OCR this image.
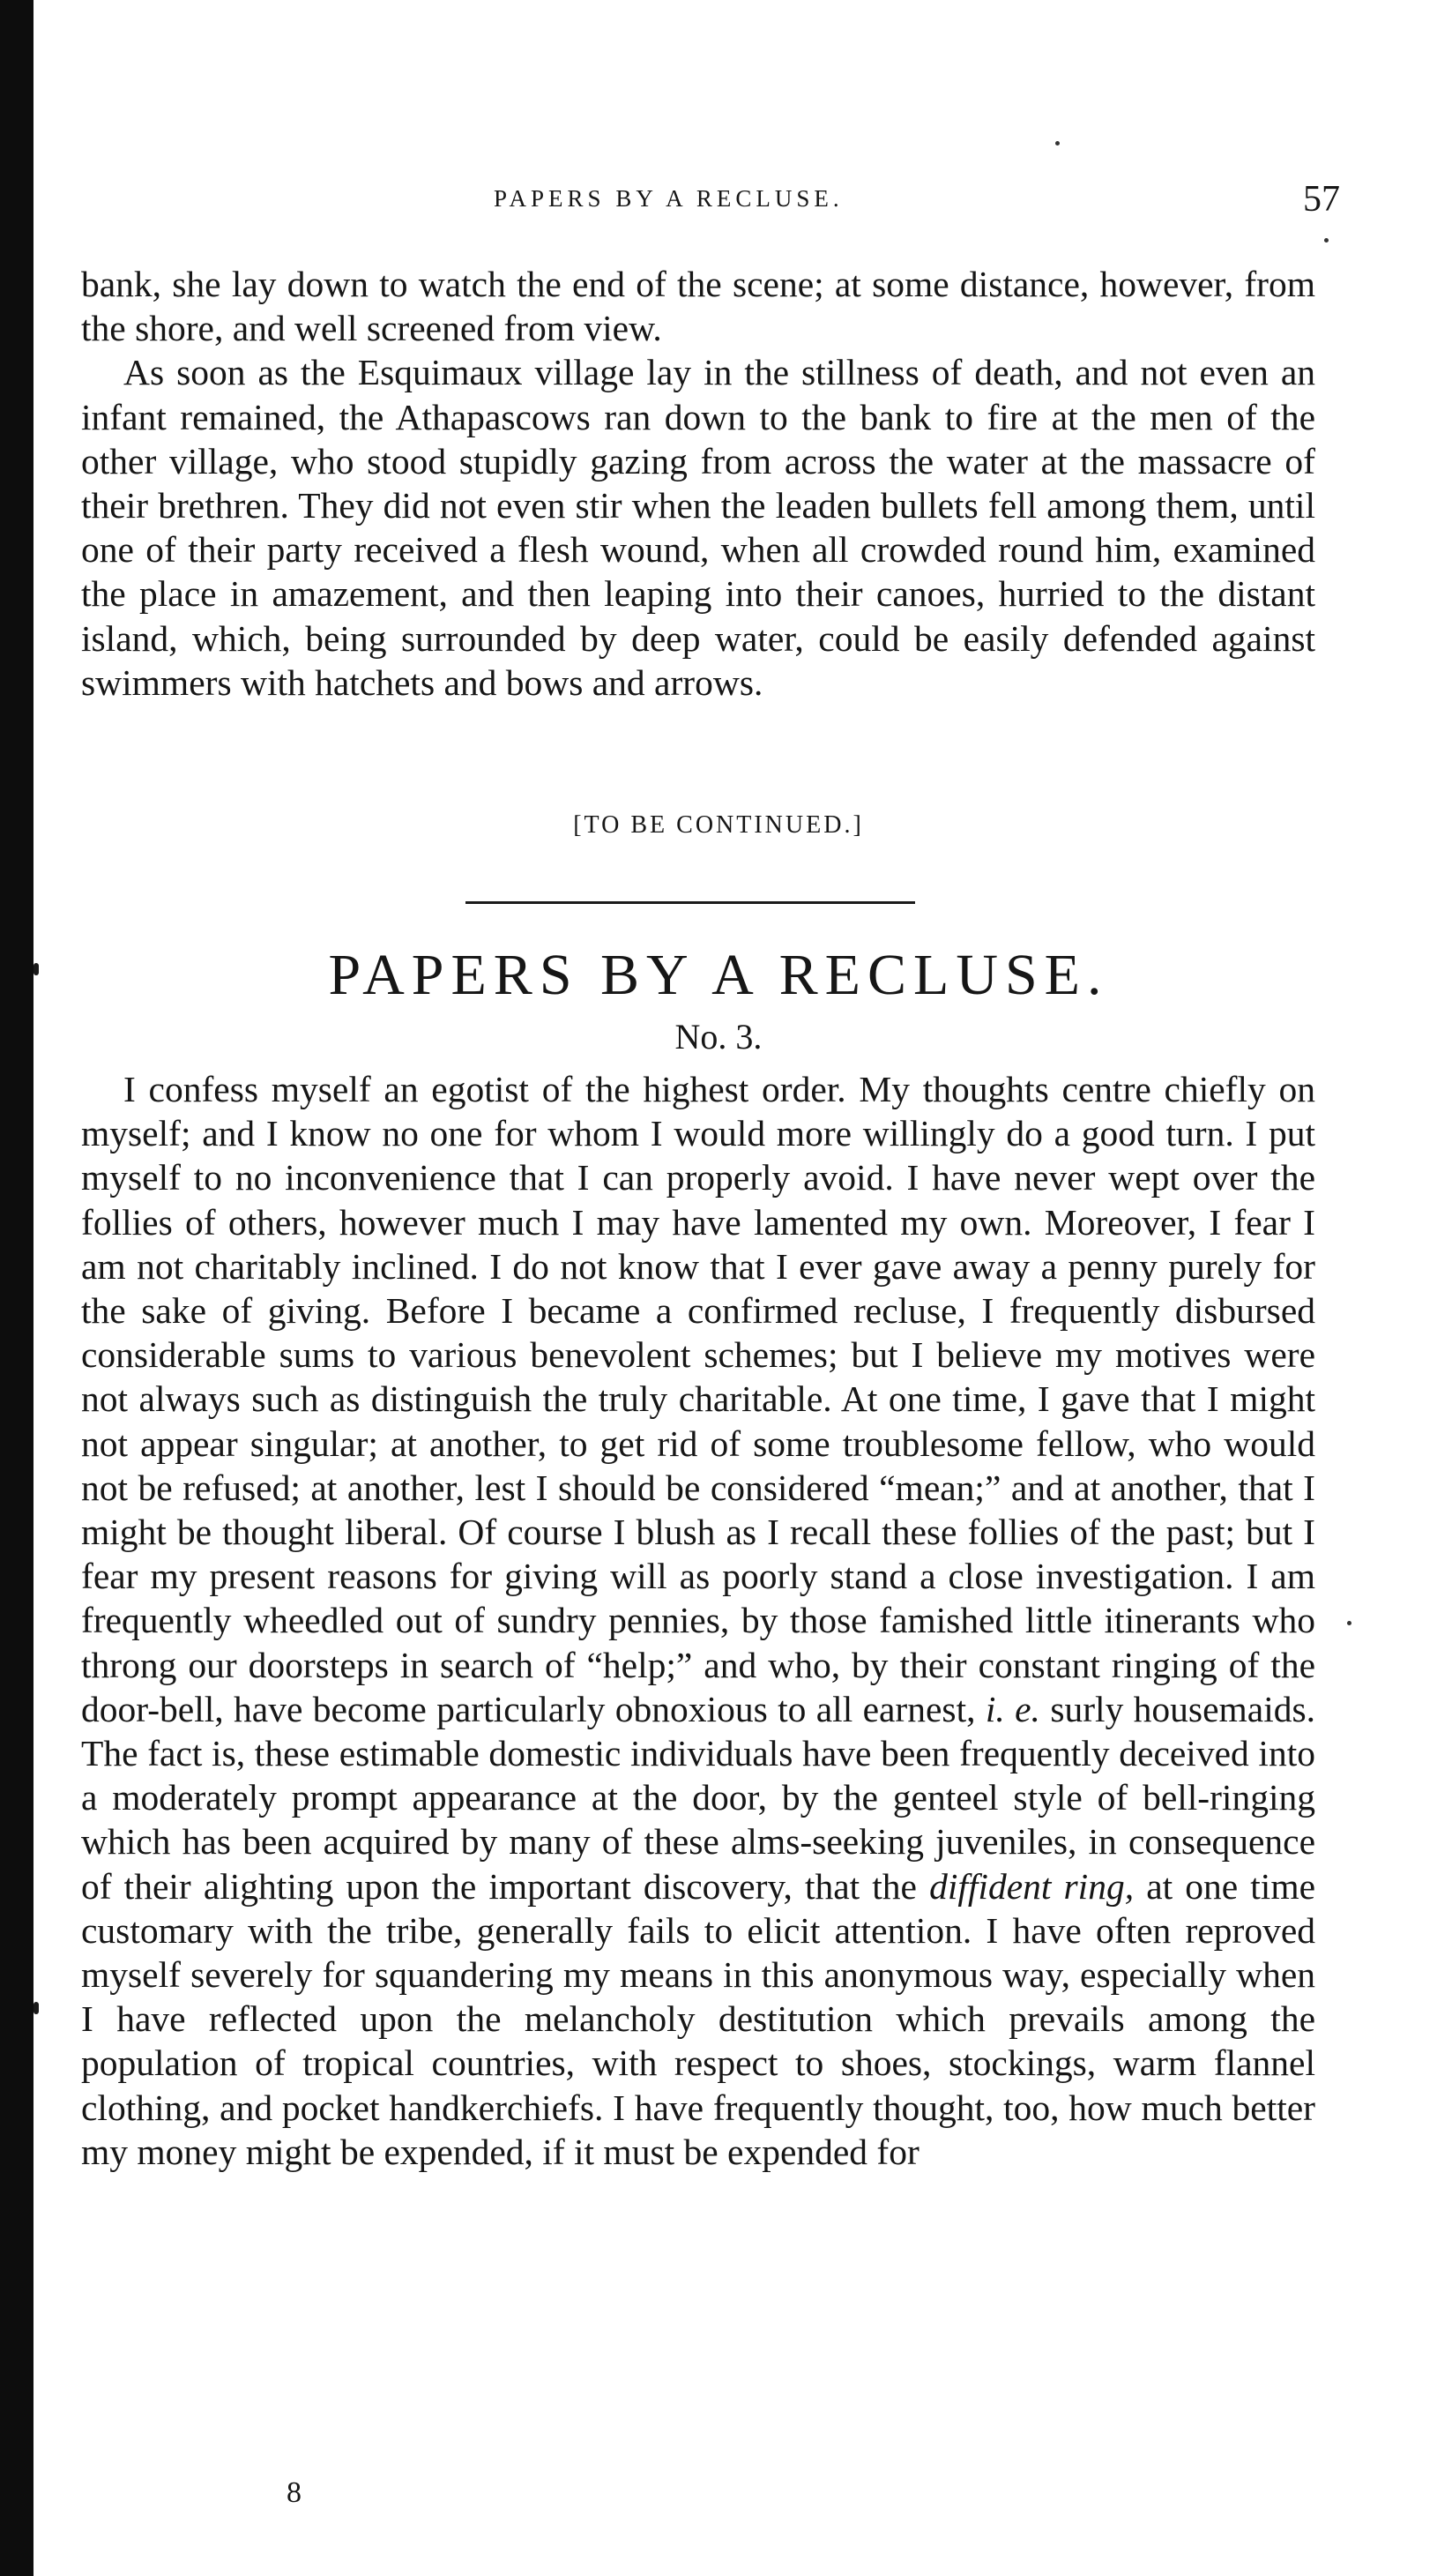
PAPERS BY A RECLUSE.	57

bank, she lay down to watch the end of the scene; at some distance, however, from the shore, and well screened from view.

As soon as the Esquimaux village lay in the stillness of death, and not even an infant remained, the Athapascows ran down to the bank to fire at the men of the other village, who stood stupidly gazing from across the water at the massacre of their brethren. They did not even stir when the leaden bullets fell among them, until one of their party received a flesh wound, when all crowded round him, examined the place in amazement, and then leaping into their canoes, hurried to the distant island, which, being surrounded by deep water, could be easily defended against swimmers with hatchets and bows and arrows.

[TO BE CONTINUED.]
PAPERS BY A RECLUSE.
No. 3.

I confess myself an egotist of the highest order. My thoughts centre chiefly on myself; and I know no one for whom I would more willingly do a good turn. I put myself to no inconvenience that I can properly avoid. I have never wept over the follies of others, however much I may have lamented my own. Moreover, I fear I am not charitably inclined. I do not know that I ever gave away a penny purely for the sake of giving. Before I became a confirmed recluse, I frequently disbursed considerable sums to various benevolent schemes; but I believe my motives were not always such as distinguish the truly charitable. At one time, I gave that I might not appear singular; at another, to get rid of some troublesome fellow, who would not be refused; at another, lest I should be considered “mean;” and at another, that I might be thought liberal. Of course I blush as I recall these follies of the past; but I fear my present reasons for giving will as poorly stand a close investigation. I am frequently wheedled out of sundry pennies, by those famished little itinerants who throng our doorsteps in search of “help;” and who, by their constant ringing of the door-bell, have become particularly obnoxious to all earnest, i. e. surly housemaids. The fact is, these estimable domestic individuals have been frequently deceived into a moderately prompt appearance at the door, by the genteel style of bell-ringing which has been acquired by many of these alms-seeking juveniles, in consequence of their alighting upon the important discovery, that the diffident ring, at one time customary with the tribe, generally fails to elicit attention. I have often reproved myself severely for squandering my means in this anonymous way, especially when I have reflected upon the melancholy destitution which prevails among the population of tropical countries, with respect to shoes, stockings, warm flannel clothing, and pocket handkerchiefs. I have frequently thought, too, how much better my money might be expended, if it must be expended for

8
